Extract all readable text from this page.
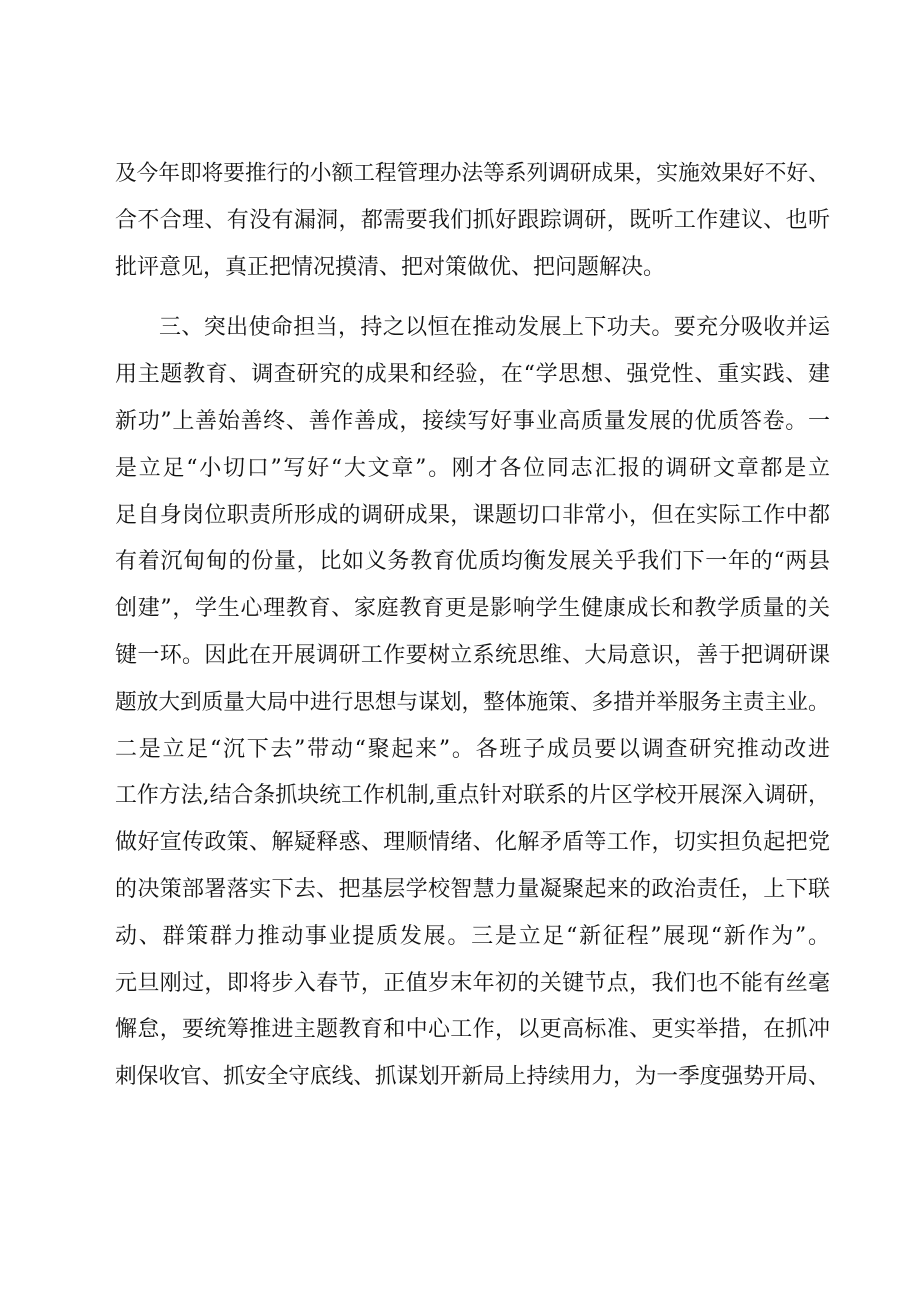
及今年即将要推行的小额工程管理办法等系列调研成果，实施效果好不好、
合不合理、有没有漏洞，都需要我们抓好跟踪调研，既听工作建议、也听
批评意见，真正把情况摸清、把对策做优、把问题解决。
三、突出使命担当，持之以恒在推动发展上下功夫。要充分吸收并运
用主题教育、调查研究的成果和经验，在“学思想、强党性、重实践、建
新功”上善始善终、善作善成，接续写好事业高质量发展的优质答卷。一
是立足“小切口”写好“大文章”。刚才各位同志汇报的调研文章都是立
足自身岗位职责所形成的调研成果，课题切口非常小，但在实际工作中都
有着沉甸甸的份量，比如义务教育优质均衡发展关乎我们下一年的“两县
创建”，学生心理教育、家庭教育更是影响学生健康成长和教学质量的关
键一环。因此在开展调研工作要树立系统思维、大局意识，善于把调研课
题放大到质量大局中进行思想与谋划，整体施策、多措并举服务主责主业。
二是立足“沉下去”带动“聚起来”。各班子成员要以调查研究推动改进
工作方法,结合条抓块统工作机制,重点针对联系的片区学校开展深入调研，
做好宣传政策、解疑释惑、理顺情绪、化解矛盾等工作，切实担负起把党
的决策部署落实下去、把基层学校智慧力量凝聚起来的政治责任，上下联
动、群策群力推动事业提质发展。三是立足“新征程”展现“新作为”。
元旦刚过，即将步入春节，正值岁末年初的关键节点，我们也不能有丝毫
懈怠，要统筹推进主题教育和中心工作，以更高标准、更实举措，在抓冲
刺保收官、抓安全守底线、抓谋划开新局上持续用力，为一季度强势开局、
